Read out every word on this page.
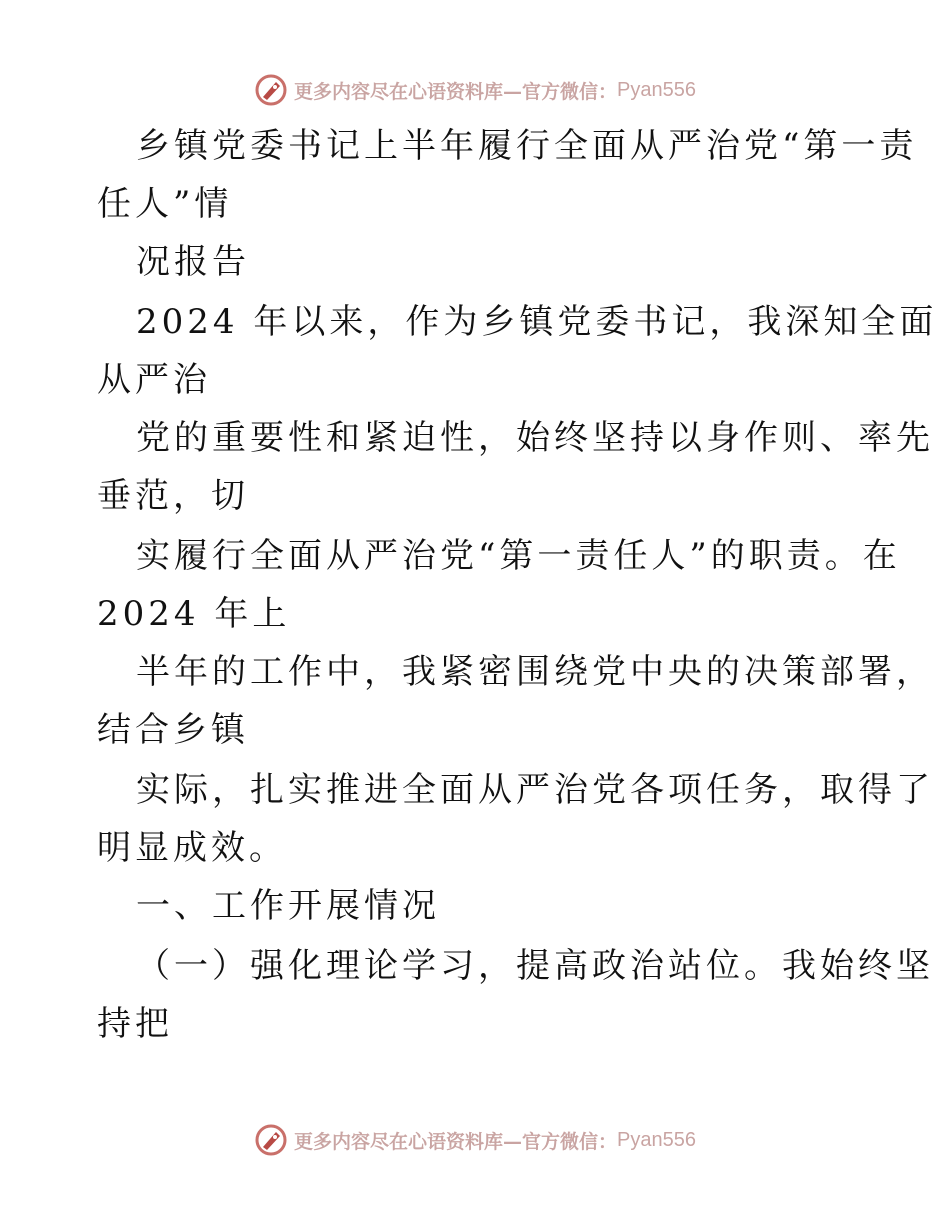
更多内容尽在心语资料库—官方微信： Pyan556
乡镇党委书记上半年履行全面从严治党“第一责
任人”情
况报告
2024 年以来，作为乡镇党委书记，我深知全面
从严治
党的重要性和紧迫性，始终坚持以身作则、率先
垂范，切
实履行全面从严治党“第一责任人”的职责。在
2024 年上
半年的工作中，我紧密围绕党中央的决策部署，
结合乡镇
实际，扎实推进全面从严治党各项任务，取得了
明显成效。
一、工作开展情况
（一）强化理论学习，提高政治站位。我始终坚
持把
更多内容尽在心语资料库—官方微信： Pyan556
